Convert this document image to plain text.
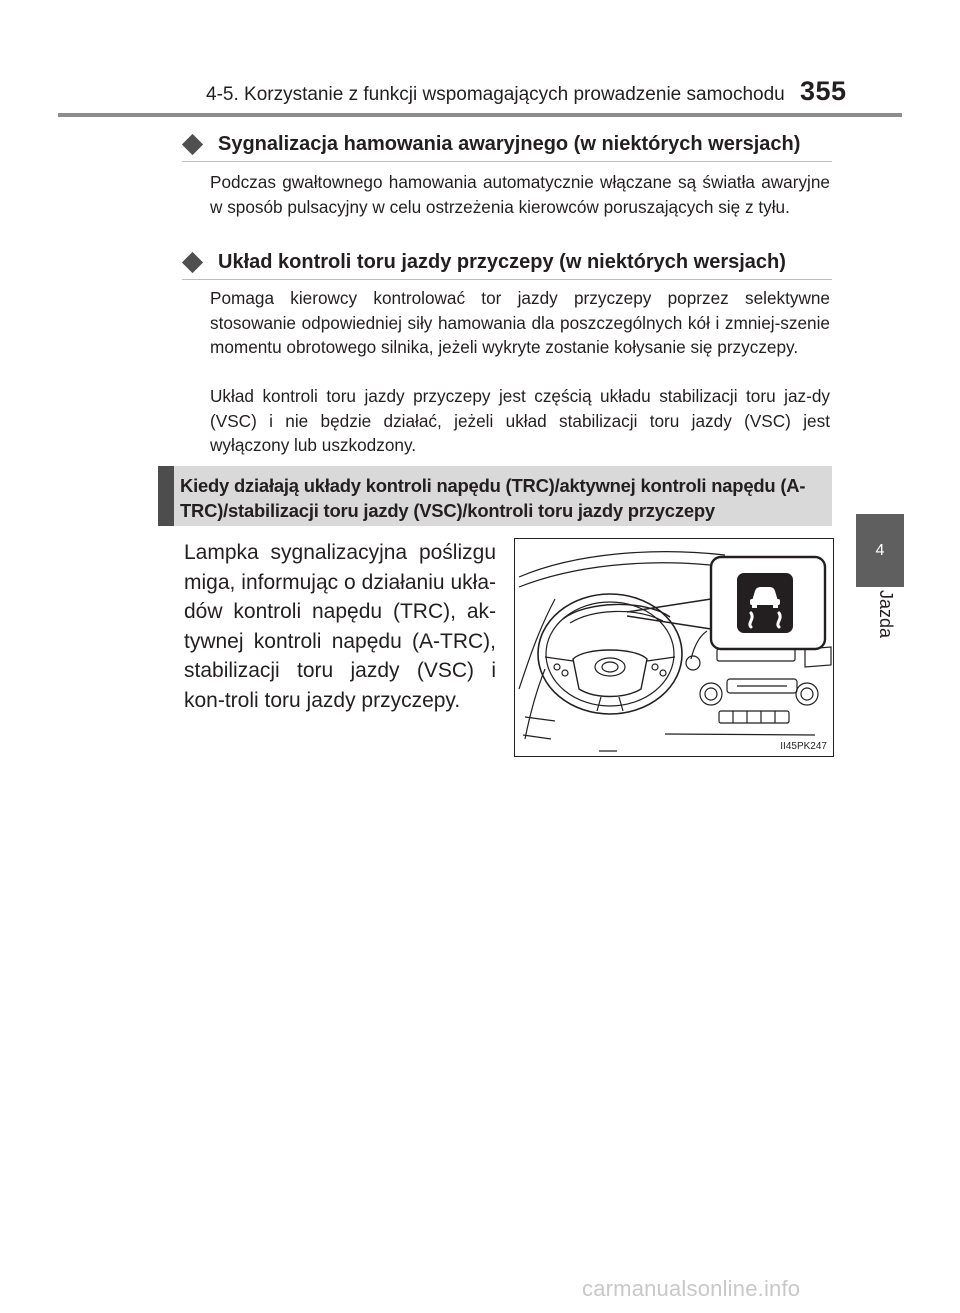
4-5. Korzystanie z funkcji wspomagających prowadzenie samochodu 355
4
Jazda
Sygnalizacja hamowania awaryjnego (w niektórych wersjach)
Podczas gwałtownego hamowania automatycznie włączane są światła awaryjne w sposób pulsacyjny w celu ostrzeżenia kierowców poruszających się z tyłu.
Układ kontroli toru jazdy przyczepy (w niektórych wersjach)
Pomaga kierowcy kontrolować tor jazdy przyczepy poprzez selektywne stosowanie odpowiedniej siły hamowania dla poszczególnych kół i zmniej-szenie momentu obrotowego silnika, jeżeli wykryte zostanie kołysanie się przyczepy.
Układ kontroli toru jazdy przyczepy jest częścią układu stabilizacji toru jaz-dy (VSC) i nie będzie działać, jeżeli układ stabilizacji toru jazdy (VSC) jest wyłączony lub uszkodzony.
Kiedy działają układy kontroli napędu (TRC)/aktywnej kontroli napędu (A-TRC)/stabilizacji toru jazdy (VSC)/kontroli toru jazdy przyczepy
Lampka sygnalizacyjna poślizgu miga, informując o działaniu ukła-dów kontroli napędu (TRC), ak-tywnej kontroli napędu (A-TRC), stabilizacji toru jazdy (VSC) i kon-troli toru jazdy przyczepy.
II45PK247
carmanualsonline.info
